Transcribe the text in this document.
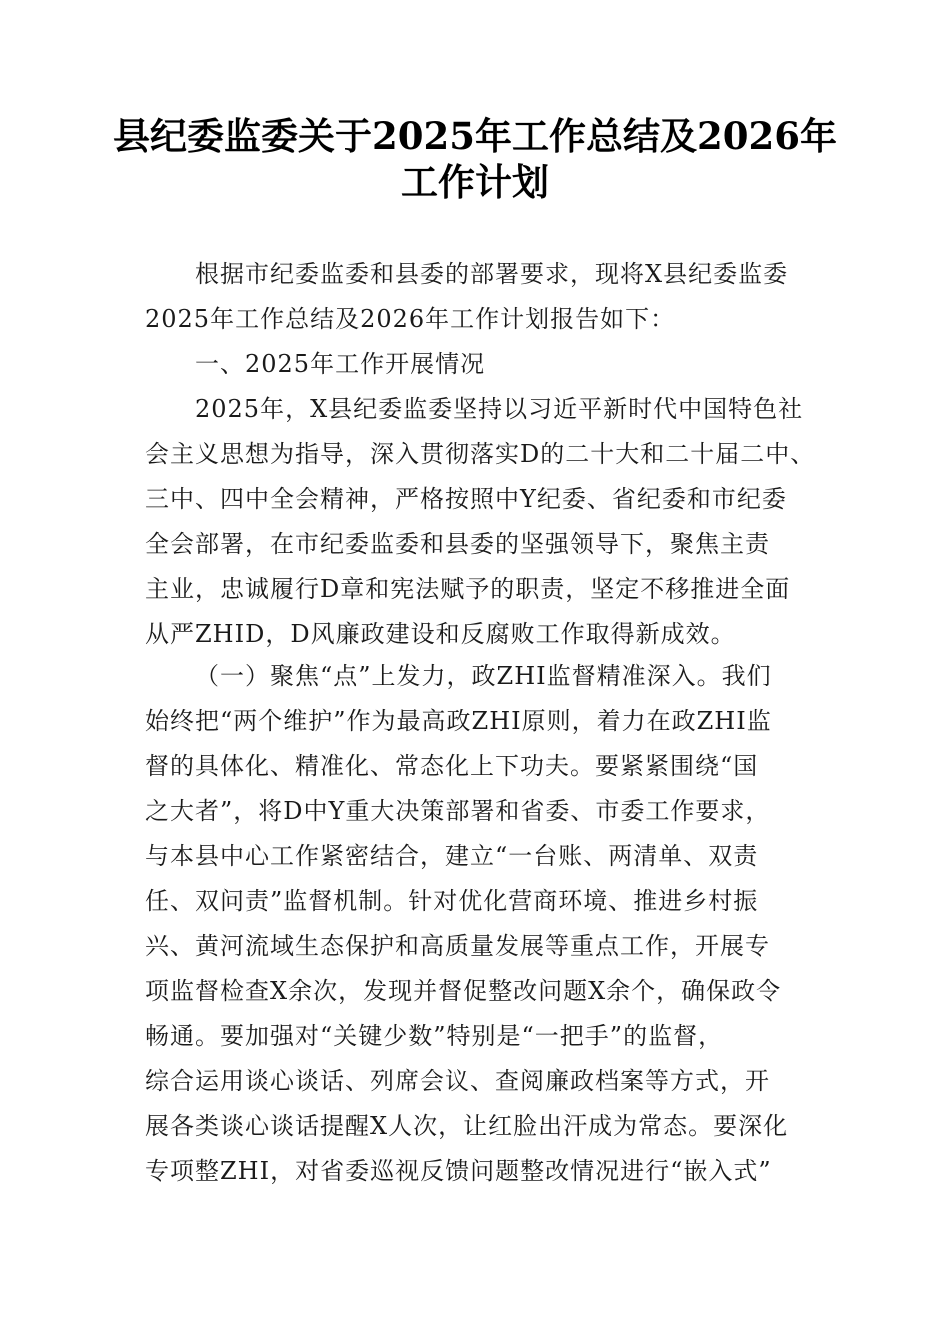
县纪委监委关于2025年工作总结及2026年
工作计划
根据市纪委监委和县委的部署要求，现将X县纪委监委
2025年工作总结及2026年工作计划报告如下：
一、2025年工作开展情况
2025年，X县纪委监委坚持以习近平新时代中国特色社
会主义思想为指导，深入贯彻落实D的二十大和二十届二中、
三中、四中全会精神，严格按照中Y纪委、省纪委和市纪委
全会部署，在市纪委监委和县委的坚强领导下，聚焦主责
主业，忠诚履行D章和宪法赋予的职责，坚定不移推进全面
从严ZHID，D风廉政建设和反腐败工作取得新成效。
（一）聚焦“点”上发力，政ZHI监督精准深入。我们
始终把“两个维护”作为最高政ZHI原则，着力在政ZHI监
督的具体化、精准化、常态化上下功夫。要紧紧围绕“国
之大者”，将D中Y重大决策部署和省委、市委工作要求，
与本县中心工作紧密结合，建立“一台账、两清单、双责
任、双问责”监督机制。针对优化营商环境、推进乡村振
兴、黄河流域生态保护和高质量发展等重点工作，开展专
项监督检查X余次，发现并督促整改问题X余个，确保政令
畅通。要加强对“关键少数”特别是“一把手”的监督，
综合运用谈心谈话、列席会议、查阅廉政档案等方式，开
展各类谈心谈话提醒X人次，让红脸出汗成为常态。要深化
专项整ZHI，对省委巡视反馈问题整改情况进行“嵌入式”
